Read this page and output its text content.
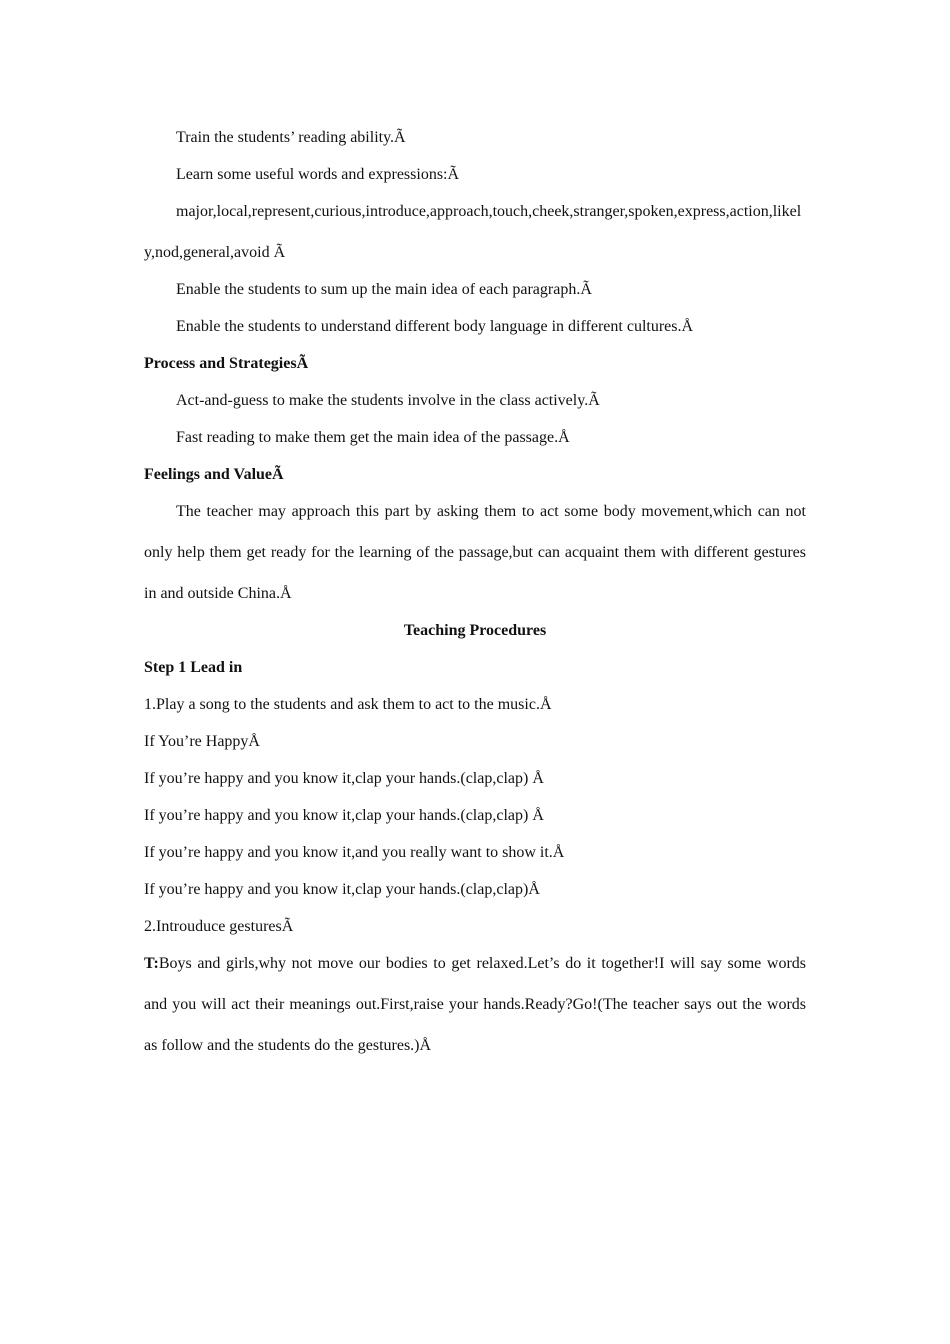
Train the students’ reading ability.Ã
Learn some useful words and expressions:Ã
major,local,represent,curious,introduce,approach,touch,cheek,stranger,spoken,express,action,likely,nod,general,avoid Ã
Enable the students to sum up the main idea of each paragraph.Ã
Enable the students to understand different body language in different cultures.Å
Process and StrategiesÃ
Act-and-guess to make the students involve in the class actively.Ã
Fast reading to make them get the main idea of the passage.Å
Feelings and ValueÃ
The teacher may approach this part by asking them to act some body movement,which can not only help them get ready for the learning of the passage,but can acquaint them with different gestures in and outside China.Å
Teaching Procedures
Step 1 Lead in
1.Play a song to the students and ask them to act to the music.Å
If You’re HappyÅ
If you’re happy and you know it,clap your hands.(clap,clap) Å
If you’re happy and you know it,clap your hands.(clap,clap) Å
If you’re happy and you know it,and you really want to show it.Å
If you’re happy and you know it,clap your hands.(clap,clap)Å
2.Introuduce gesturesÃ
T:Boys and girls,why not move our bodies to get relaxed.Let’s do it together!I will say some words and you will act their meanings out.First,raise your hands.Ready?Go!(The teacher says out the words as follow and the students do the gestures.)Å
